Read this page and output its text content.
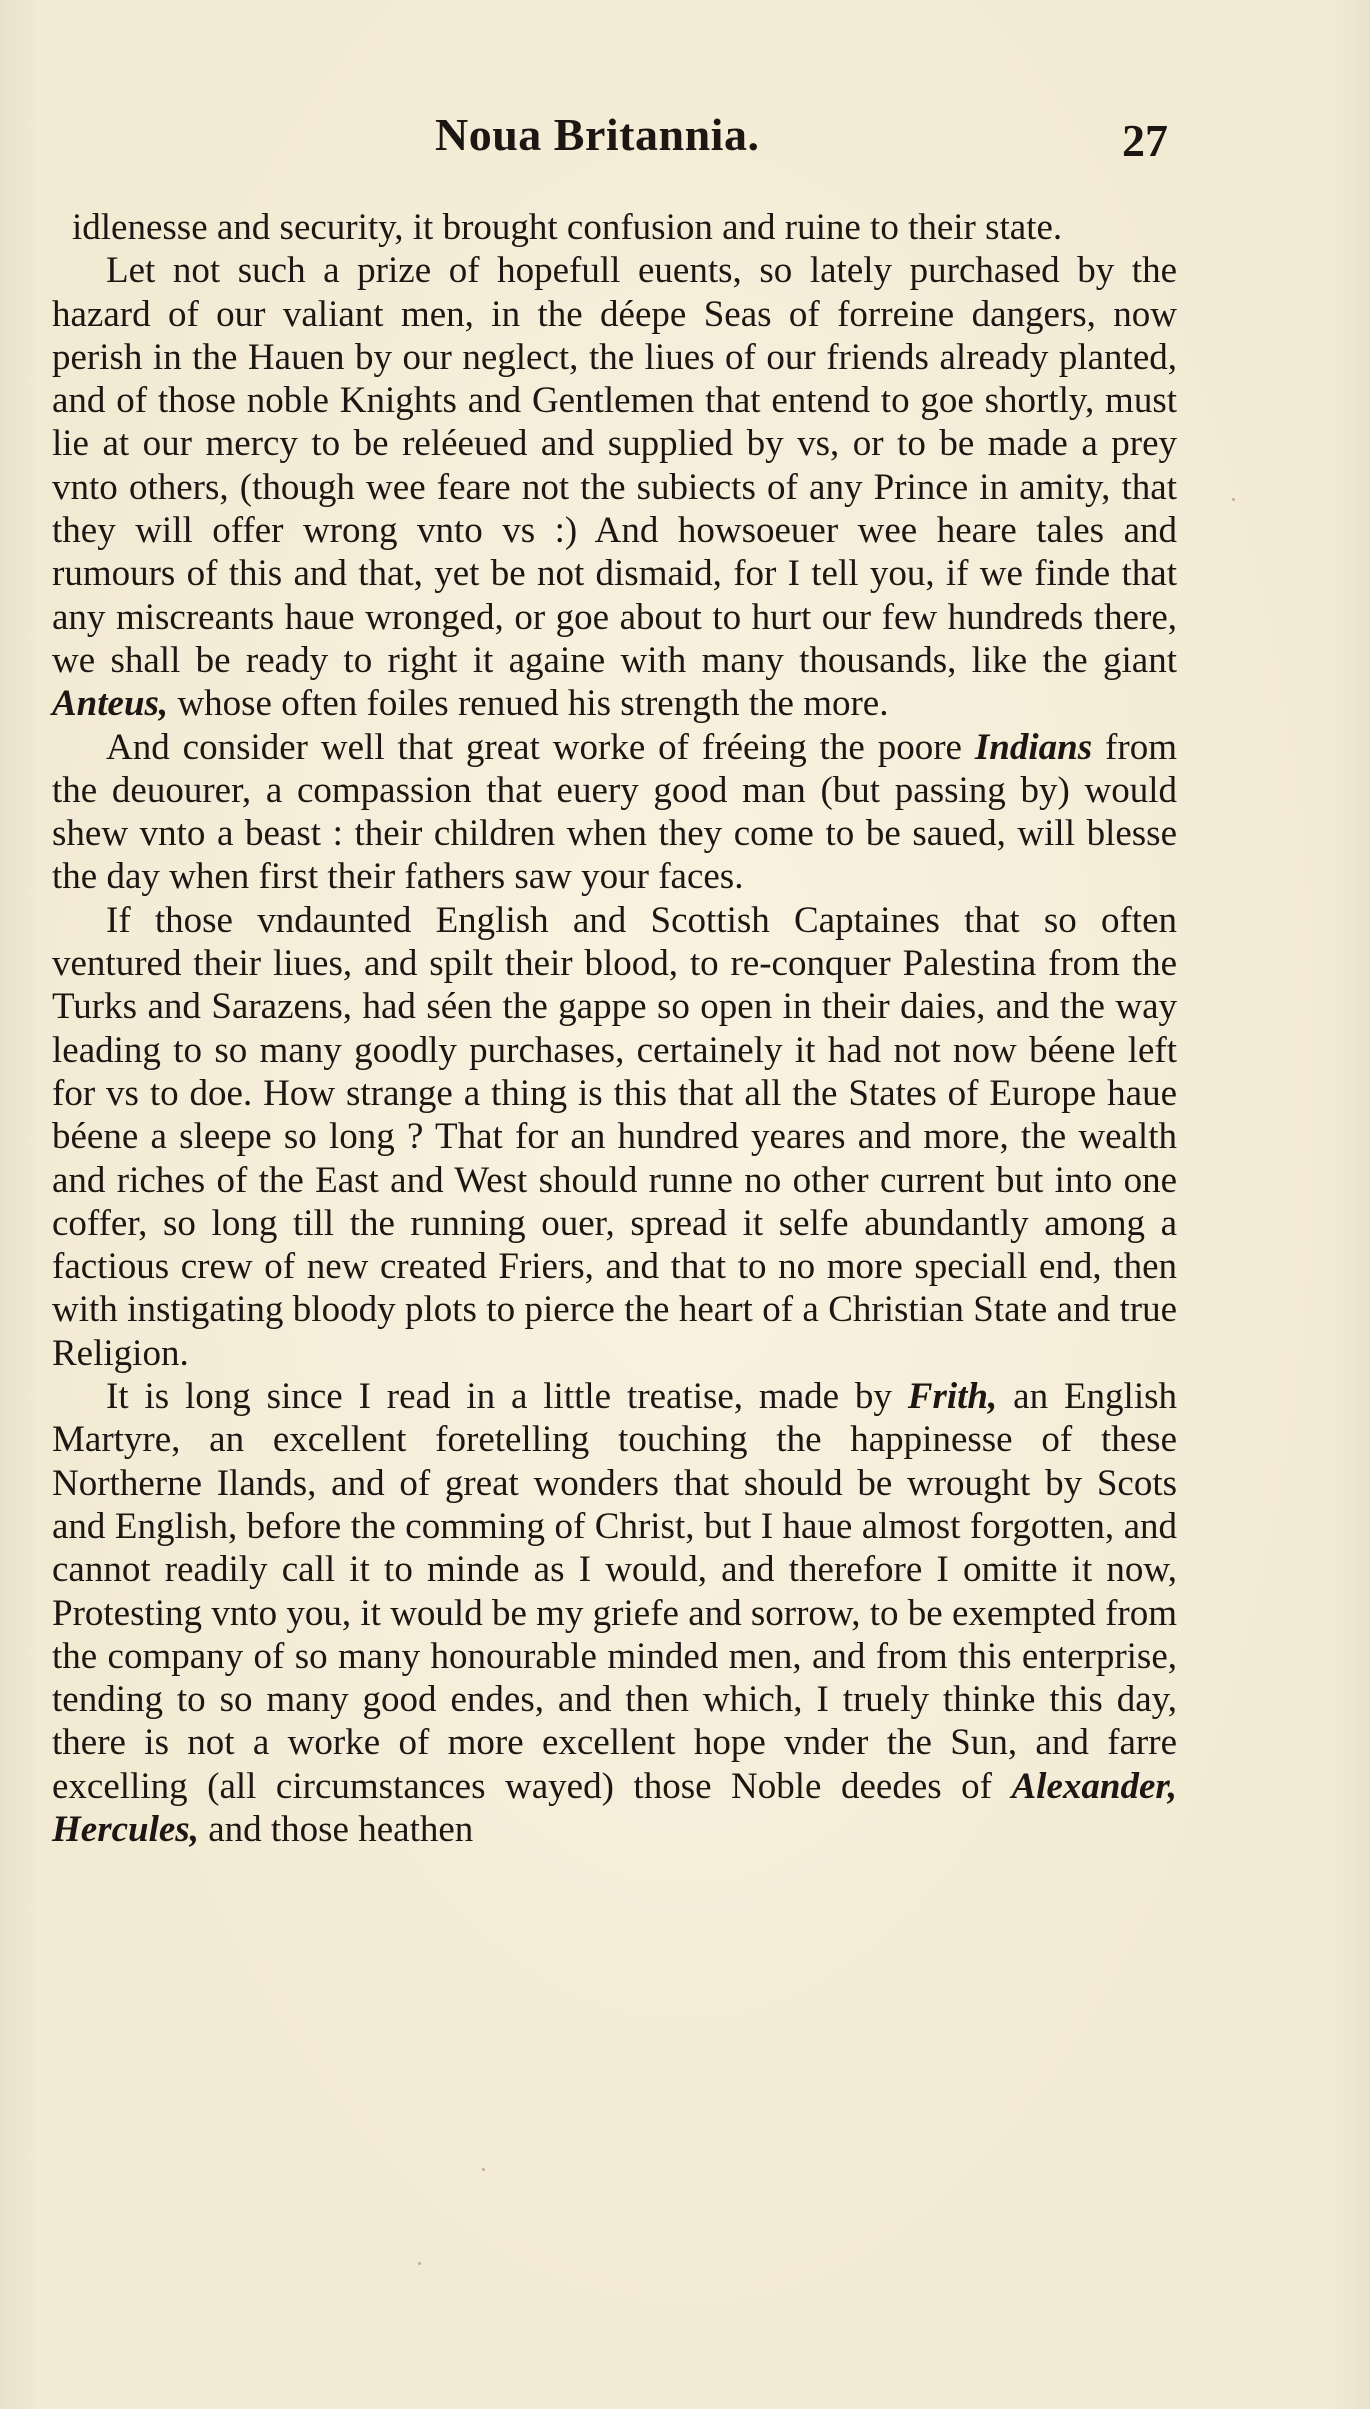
Noua Britannia.	27

idlenesse and security, it brought confusion and ruine to their state.

Let not such a prize of hopefull euents, so lately purchased by the hazard of our valiant men, in the déepe Seas of forreine dangers, now perish in the Hauen by our neglect, the liues of our friends already planted, and of those noble Knights and Gentlemen that entend to goe shortly, must lie at our mercy to be reléeued and supplied by vs, or to be made a prey vnto others, (though wee feare not the subiects of any Prince in amity, that they will offer wrong vnto vs :) And howsoeuer wee heare tales and rumours of this and that, yet be not dismaid, for I tell you, if we finde that any miscreants haue wronged, or goe about to hurt our few hundreds there, we shall be ready to right it againe with many thousands, like the giant Anteus, whose often foiles renued his strength the more.

And consider well that great worke of fréeing the poore Indians from the deuourer, a compassion that euery good man (but passing by) would shew vnto a beast : their children when they come to be saued, will blesse the day when first their fathers saw your faces.

If those vndaunted English and Scottish Captaines that so often ventured their liues, and spilt their blood, to re-conquer Palestina from the Turks and Sarazens, had séen the gappe so open in their daies, and the way leading to so many goodly purchases, certainely it had not now béene left for vs to doe. How strange a thing is this that all the States of Europe haue béene a sleepe so long ? That for an hundred yeares and more, the wealth and riches of the East and West should runne no other current but into one coffer, so long till the running ouer, spread it selfe abundantly among a factious crew of new created Friers, and that to no more speciall end, then with instigating bloody plots to pierce the heart of a Christian State and true Religion.

It is long since I read in a little treatise, made by Frith, an English Martyre, an excellent foretelling touching the happinesse of these Northerne Ilands, and of great wonders that should be wrought by Scots and English, before the comming of Christ, but I haue almost forgotten, and cannot readily call it to minde as I would, and therefore I omitte it now, Protesting vnto you, it would be my griefe and sorrow, to be exempted from the company of so many honourable minded men, and from this enterprise, tending to so many good endes, and then which, I truely thinke this day, there is not a worke of more excellent hope vnder the Sun, and farre excelling (all circumstances wayed) those Noble deedes of Alexander, Hercules, and those heathen
